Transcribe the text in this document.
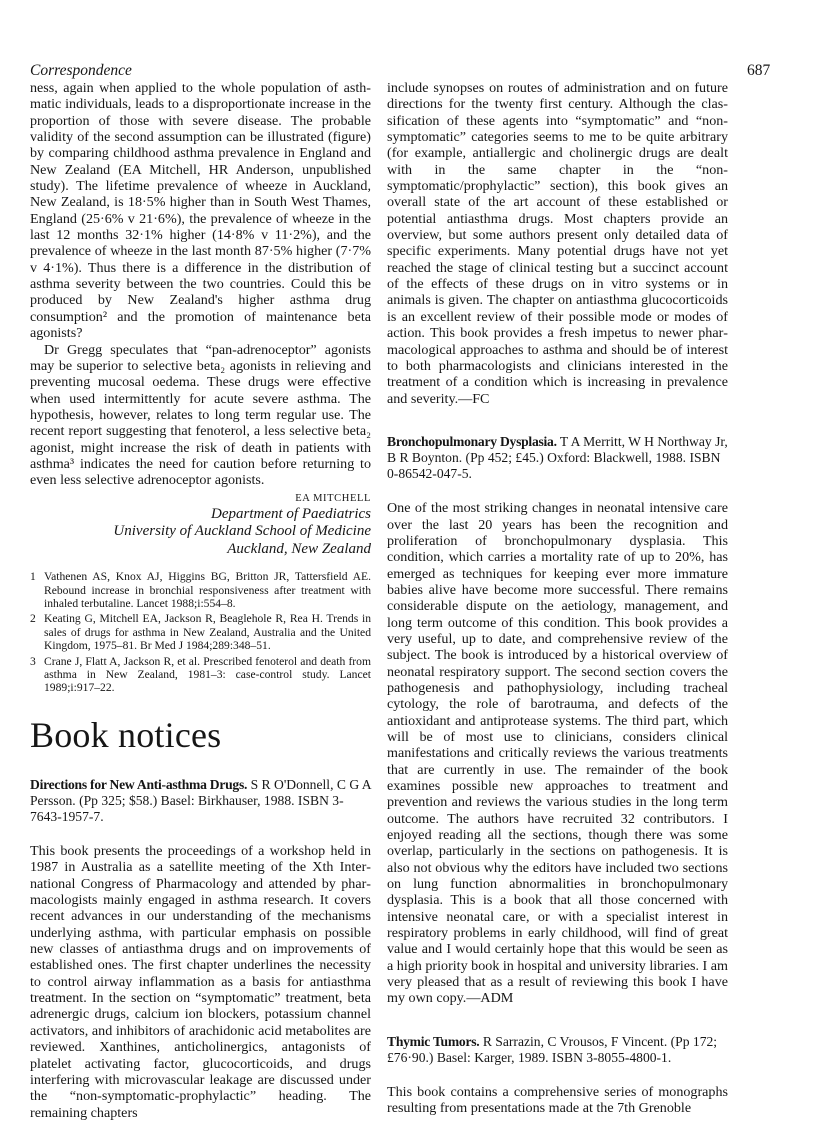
Correspondence	687

ness, again when applied to the whole population of asthmatic individuals, leads to a disproportionate increase in the proportion of those with severe disease. The probable validity of the second assumption can be illustrated (figure) by comparing childhood asthma prevalence in England and New Zealand (EA Mitchell, HR Anderson, unpublished study). The lifetime prevalence of wheeze in Auckland, New Zealand, is 18·5% higher than in South West Thames, England (25·6% v 21·6%), the prevalence of wheeze in the last 12 months 32·1% higher (14·8% v 11·2%), and the prevalence of wheeze in the last month 87·5% higher (7·7% v 4·1%). Thus there is a difference in the distribution of asthma severity between the two countries. Could this be produced by New Zealand's higher asthma drug consumption² and the promotion of maintenance beta agonists?

Dr Gregg speculates that “pan-adrenoceptor” agonists may be superior to selective beta₂ agonists in relieving and preventing mucosal oedema. These drugs were effective when used intermittently for acute severe asthma. The hypothesis, however, relates to long term regular use. The recent report suggesting that fenoterol, a less selective beta₂ agonist, might increase the risk of death in patients with asthma³ indicates the need for caution before returning to even less selective adrenoceptor agonists.

EA MITCHELL
Department of Paediatrics
University of Auckland School of Medicine
Auckland, New Zealand
1 Vathenen AS, Knox AJ, Higgins BG, Britton JR, Tattersfield AE. Rebound increase in bronchial responsiveness after treatment with inhaled terbutaline. Lancet 1988;i:554–8.
2 Keating G, Mitchell EA, Jackson R, Beaglehole R, Rea H. Trends in sales of drugs for asthma in New Zealand, Australia and the United Kingdom, 1975–81. Br Med J 1984;289:348–51.
3 Crane J, Flatt A, Jackson R, et al. Prescribed fenoterol and death from asthma in New Zealand, 1981–3: case-control study. Lancet 1989;i:917–22.
Book notices

Directions for New Anti-asthma Drugs. S R O'Donnell, C G A Persson. (Pp 325; $58.) Basel: Birkhauser, 1988. ISBN 3-7643-1957-7.

This book presents the proceedings of a workshop held in 1987 in Australia as a satellite meeting of the Xth International Congress of Pharmacology and attended by pharmacologists mainly engaged in asthma research. It covers recent advances in our understanding of the mechanisms underlying asthma, with particular emphasis on possible new classes of antiasthma drugs and on improvements of established ones. The first chapter underlines the necessity to control airway inflammation as a basis for antiasthma treatment. In the section on “symptomatic” treatment, beta adrenergic drugs, calcium ion blockers, potassium channel activators, and inhibitors of arachidonic acid metabolites are reviewed. Xanthines, anticholinergics, antagonists of platelet activating factor, glucocorticoids, and drugs interfering with microvascular leakage are discussed under the “non-symptomatic-prophylactic” heading. The remaining chapters

include synopses on routes of administration and on future directions for the twenty first century. Although the classification of these agents into “symptomatic” and “non-symptomatic” categories seems to me to be quite arbitrary (for example, antiallergic and cholinergic drugs are dealt with in the same chapter in the “non-symptomatic/prophylactic” section), this book gives an overall state of the art account of these established or potential antiasthma drugs. Most chapters provide an overview, but some authors present only detailed data of specific experiments. Many potential drugs have not yet reached the stage of clinical testing but a succinct account of the effects of these drugs on in vitro systems or in animals is given. The chapter on antiasthma glucocorticoids is an excellent review of their possible mode or modes of action. This book provides a fresh impetus to newer pharmacological approaches to asthma and should be of interest to both pharmacologists and clinicians interested in the treatment of a condition which is increasing in prevalence and severity.—FC

Bronchopulmonary Dysplasia. T A Merritt, W H Northway Jr, B R Boynton. (Pp 452; £45.) Oxford: Blackwell, 1988. ISBN 0-86542-047-5.

One of the most striking changes in neonatal intensive care over the last 20 years has been the recognition and proliferation of bronchopulmonary dysplasia. This condition, which carries a mortality rate of up to 20%, has emerged as techniques for keeping ever more immature babies alive have become more successful. There remains considerable dispute on the aetiology, management, and long term outcome of this condition. This book provides a very useful, up to date, and comprehensive review of the subject. The book is introduced by a historical overview of neonatal respiratory support. The second section covers the pathogenesis and pathophysiology, including tracheal cytology, the role of barotrauma, and defects of the antioxidant and antiprotease systems. The third part, which will be of most use to clinicians, considers clinical manifestations and critically reviews the various treatments that are currently in use. The remainder of the book examines possible new approaches to treatment and prevention and reviews the various studies in the long term outcome. The authors have recruited 32 contributors. I enjoyed reading all the sections, though there was some overlap, particularly in the sections on pathogenesis. It is also not obvious why the editors have included two sections on lung function abnormalities in bronchopulmonary dysplasia. This is a book that all those concerned with intensive neonatal care, or with a specialist interest in respiratory problems in early childhood, will find of great value and I would certainly hope that this would be seen as a high priority book in hospital and university libraries. I am very pleased that as a result of reviewing this book I have my own copy.—ADM

Thymic Tumors. R Sarrazin, C Vrousos, F Vincent. (Pp 172; £76·90.) Basel: Karger, 1989. ISBN 3-8055-4800-1.

This book contains a comprehensive series of monographs resulting from presentations made at the 7th Grenoble
